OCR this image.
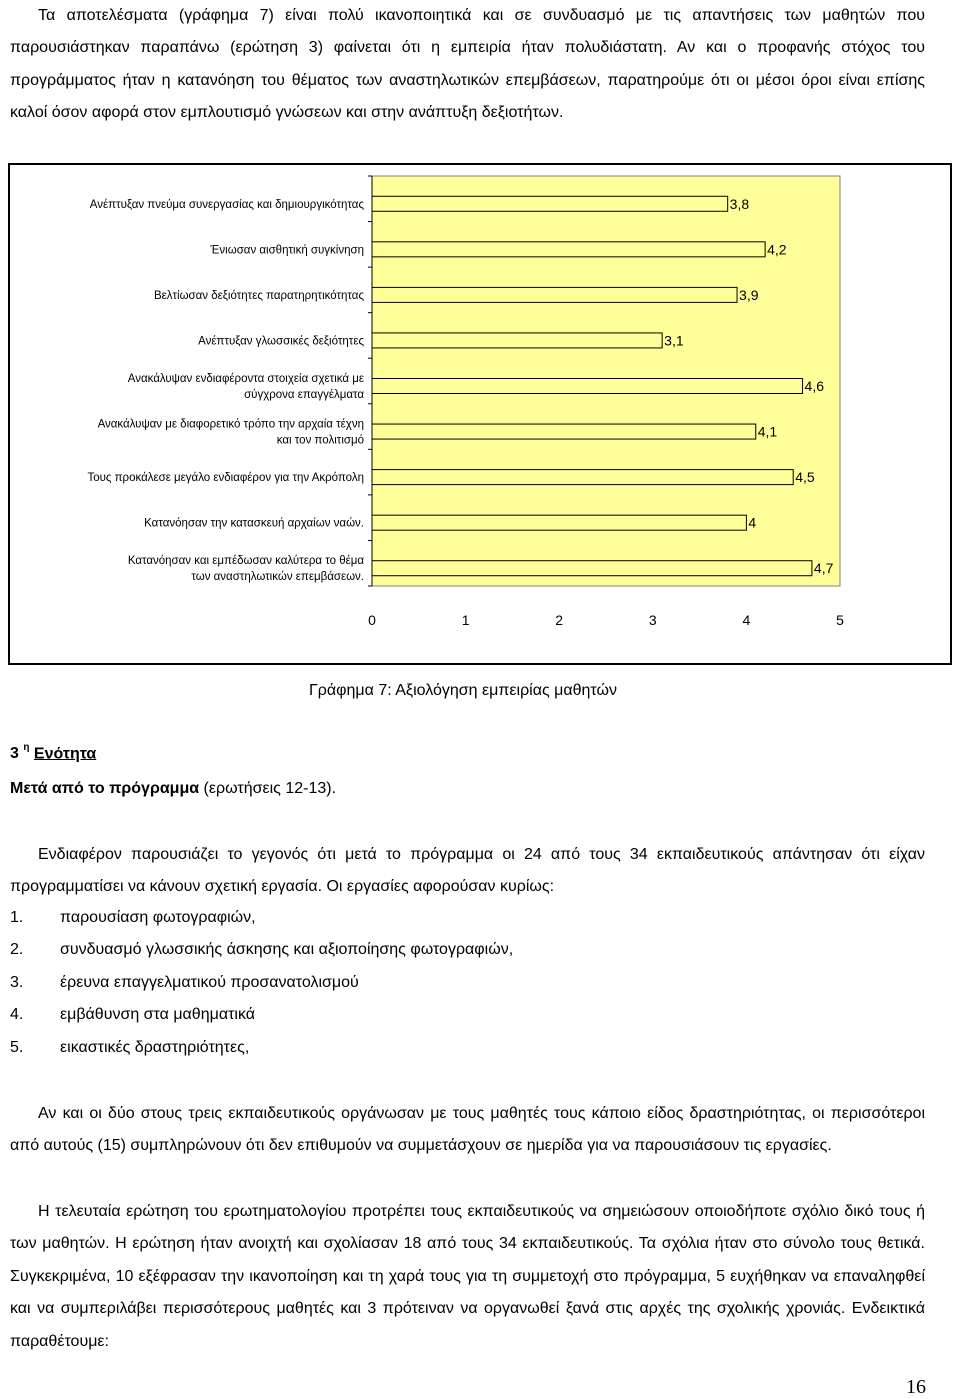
Τα αποτελέσματα (γράφημα 7) είναι πολύ ικανοποιητικά και σε συνδυασμό με τις απαντήσεις των μαθητών που παρουσιάστηκαν παραπάνω (ερώτηση 3) φαίνεται ότι η εμπειρία ήταν πολυδιάστατη. Αν και ο προφανής στόχος του προγράμματος ήταν η κατανόηση του θέματος των αναστηλωτικών επεμβάσεων, παρατηρούμε ότι οι μέσοι όροι είναι επίσης καλοί όσον αφορά στον εμπλουτισμό γνώσεων και στην ανάπτυξη δεξιοτήτων.

3,8
Ανέπτυξαν πνεύμα συνεργασίας και δημιουργικότητας
4,2
Ένιωσαν αισθητική συγκίνηση
3,9
Βελτίωσαν δεξιότητες παρατηρητικότητας
3,1
Ανέπτυξαν γλωσσικές δεξιότητες
4,6
Ανακάλυψαν ενδιαφέροντα στοιχεία σχετικά με σύγχρονα επαγγέλματα
4,1
Ανακάλυψαν με διαφορετικό τρόπο την αρχαία τέχνη και τον πολιτισμό
4,5
Τους προκάλεσε μεγάλο ενδιαφέρον για την Ακρόπολη
4
Κατανόησαν την κατασκευή αρχαίων ναών.
4,7
Κατανόησαν και εμπέδωσαν καλύτερα το θέμα των αναστηλωτικών επεμβάσεων.
0	1	2	3	4	5
Γράφημα 7: Αξιολόγηση εμπειρίας μαθητών
3 $^\eta$ Ενότητα
Μετά από το πρόγραμμα (ερωτήσεις 12-13).

Ενδιαφέρον παρουσιάζει το γεγονός ότι μετά το πρόγραμμα οι 24 από τους 34 εκπαιδευτικούς απάντησαν ότι είχαν προγραμματίσει να κάνουν σχετική εργασία. Οι εργασίες αφορούσαν κυρίως:

1.	παρουσίαση φωτογραφιών,
2.	συνδυασμό γλωσσικής άσκησης και αξιοποίησης φωτογραφιών,
3.	έρευνα επαγγελματικού προσανατολισμού
4.	εμβάθυνση στα μαθηματικά
5.	εικαστικές δραστηριότητες,

Αν και οι δύο στους τρεις εκπαιδευτικούς οργάνωσαν με τους μαθητές τους κάποιο είδος δραστηριότητας, οι περισσότεροι από αυτούς (15) συμπληρώνουν ότι δεν επιθυμούν να συμμετάσχουν σε ημερίδα για να παρουσιάσουν τις εργασίες.

Η τελευταία ερώτηση του ερωτηματολογίου προτρέπει τους εκπαιδευτικούς να σημειώσουν οποιοδήποτε σχόλιο δικό τους ή των μαθητών. Η ερώτηση ήταν ανοιχτή και σχολίασαν 18 από τους 34 εκπαιδευτικούς. Τα σχόλια ήταν στο σύνολο τους θετικά. Συγκεκριμένα, 10 εξέφρασαν την ικανοποίηση και τη χαρά τους για τη συμμετοχή στο πρόγραμμα, 5 ευχήθηκαν να επαναληφθεί και να συμπεριλάβει περισσότερους μαθητές και 3 πρότειναν να οργανωθεί ξανά στις αρχές της σχολικής χρονιάς. Ενδεικτικά παραθέτουμε:

16
